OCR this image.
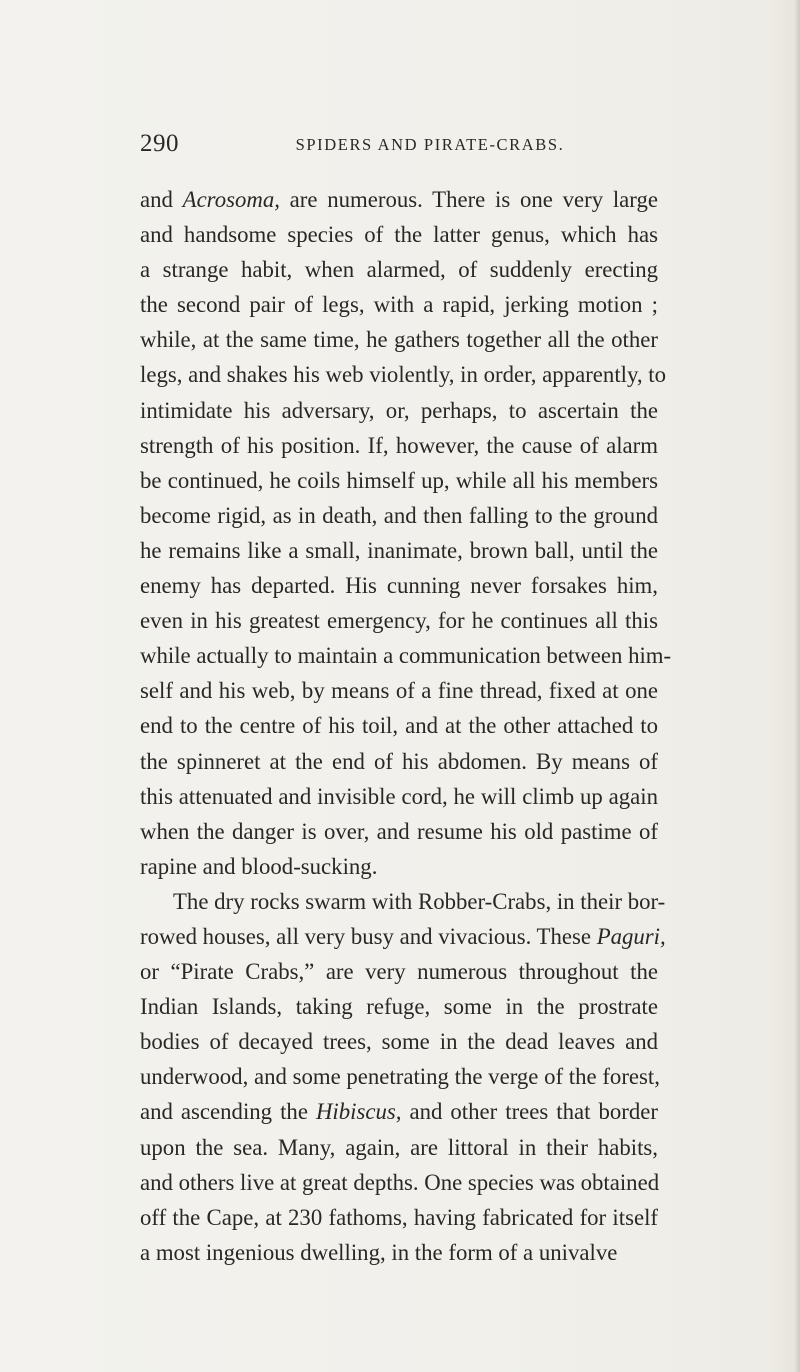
290	SPIDERS AND PIRATE-CRABS.
and Acrosoma, are numerous. There is one very large
and handsome species of the latter genus, which has
a strange habit, when alarmed, of suddenly erecting
the second pair of legs, with a rapid, jerking motion ;
while, at the same time, he gathers together all the other
legs, and shakes his web violently, in order, apparently, to
intimidate his adversary, or, perhaps, to ascertain the
strength of his position. If, however, the cause of alarm
be continued, he coils himself up, while all his members
become rigid, as in death, and then falling to the ground
he remains like a small, inanimate, brown ball, until the
enemy has departed. His cunning never forsakes him,
even in his greatest emergency, for he continues all this
while actually to maintain a communication between him-
self and his web, by means of a fine thread, fixed at one
end to the centre of his toil, and at the other attached to
the spinneret at the end of his abdomen. By means of
this attenuated and invisible cord, he will climb up again
when the danger is over, and resume his old pastime of
rapine and blood-sucking.
The dry rocks swarm with Robber-Crabs, in their bor-
rowed houses, all very busy and vivacious. These Paguri,
or “Pirate Crabs,” are very numerous throughout the
Indian Islands, taking refuge, some in the prostrate
bodies of decayed trees, some in the dead leaves and
underwood, and some penetrating the verge of the forest,
and ascending the Hibiscus, and other trees that border
upon the sea. Many, again, are littoral in their habits,
and others live at great depths. One species was obtained
off the Cape, at 230 fathoms, having fabricated for itself
a most ingenious dwelling, in the form of a univalve
